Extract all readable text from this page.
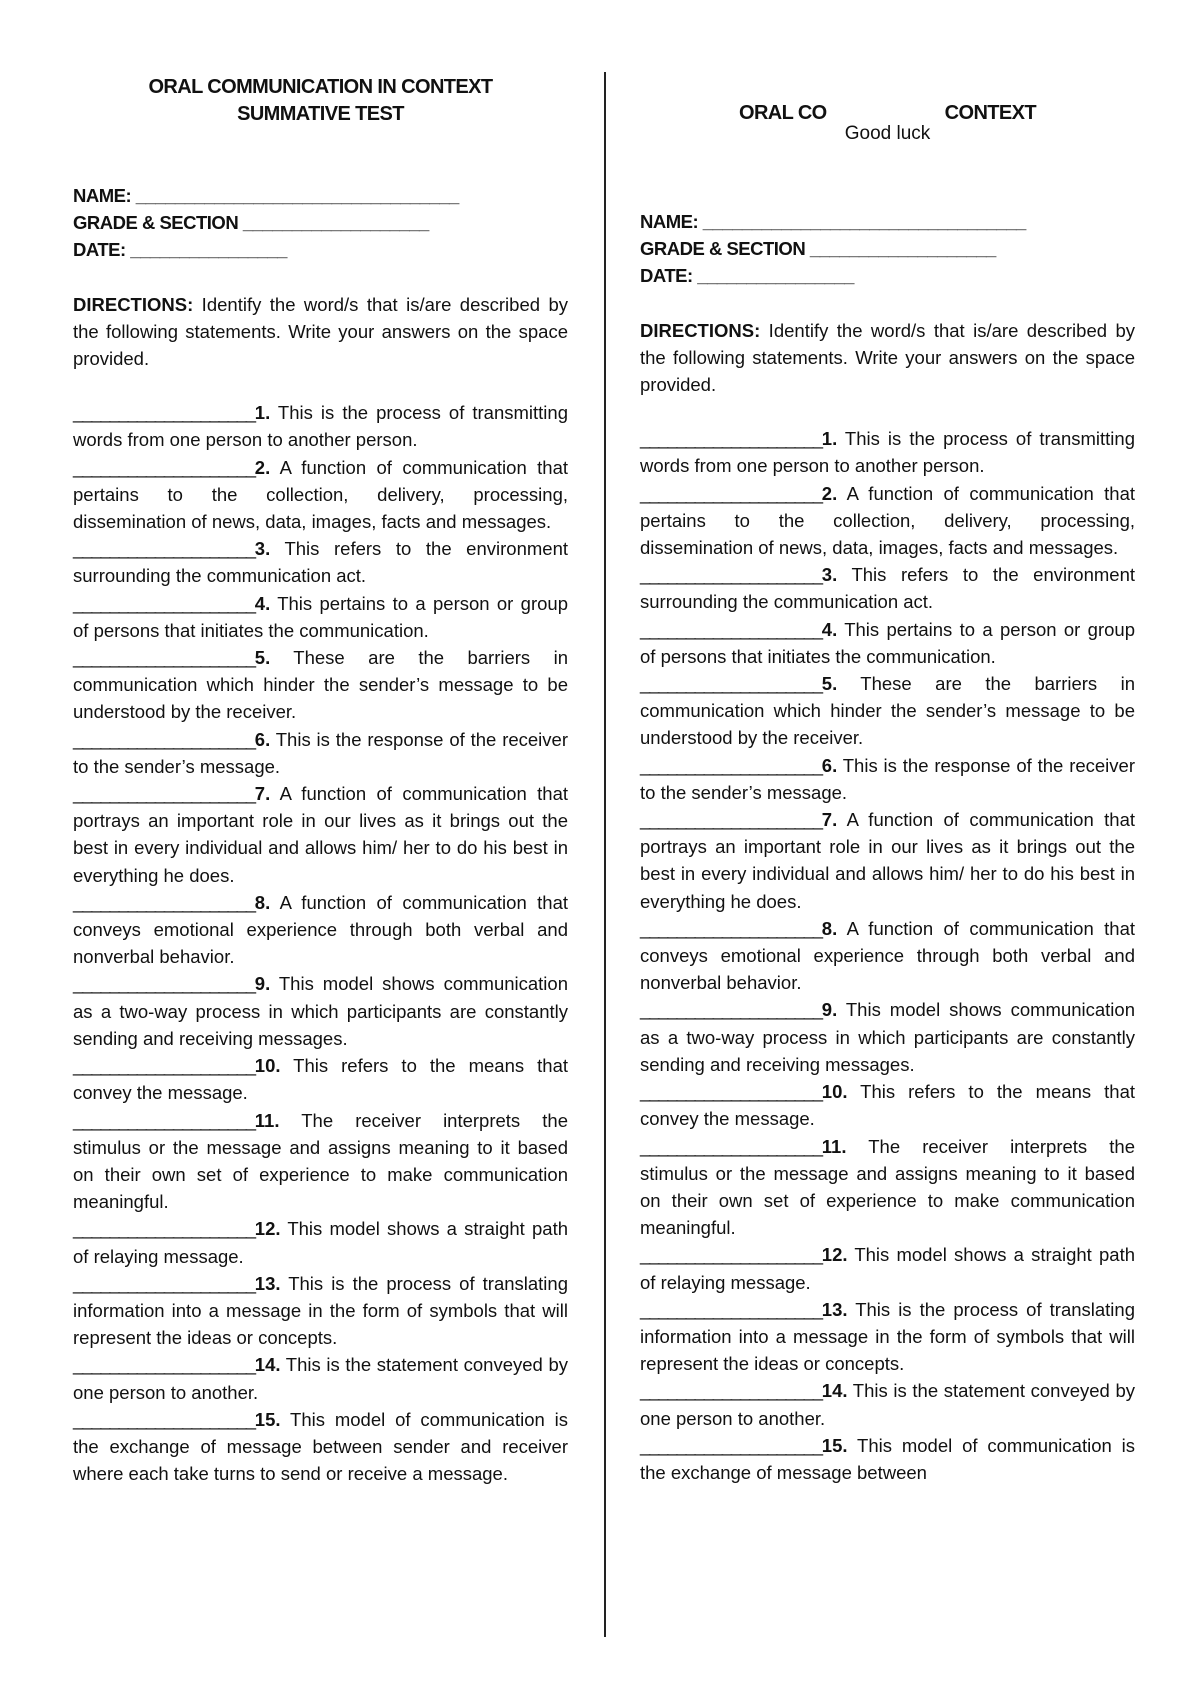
ORAL COMMUNICATION IN CONTEXT
SUMMATIVE TEST

NAME: _________________________________

GRADE & SECTION ___________________

DATE: ________________

DIRECTIONS: Identify the word/s that is/are described by the following statements. Write your answers on the space provided.

____________________1. This is the process of transmitting words from one person to another person.

____________________2. A function of communication that pertains to the collection, delivery, processing, dissemination of news, data, images, facts and messages.

____________________3. This refers to the environment surrounding the communication act.

____________________4. This pertains to a person or group of persons that initiates the communication.

____________________5. These are the barriers in communication which hinder the sender’s message to be understood by the receiver.

____________________6. This is the response of the receiver to the sender’s message.

____________________7. A function of communication that portrays an important role in our lives as it brings out the best in every individual and allows him/ her to do his best in everything he does.

____________________8. A function of communication that conveys emotional experience through both verbal and nonverbal behavior.

____________________9. This model shows communication as a two-way process in which participants are constantly sending and receiving messages.

____________________10. This refers to the means that convey the message.

____________________11. The receiver interprets the stimulus or the message and assigns meaning to it based on their own set of experience to make communication meaningful.

____________________12. This model shows a straight path of relaying message.

____________________13. This is the process of translating information into a message in the form of symbols that will represent the ideas or concepts.

____________________14. This is the statement conveyed by one person to another.

____________________15. This model of communication is the exchange of message between sender and receiver where each take turns to send or receive a message.

ORAL CO	CONTEXT
Good luck

NAME: _________________________________

GRADE & SECTION ___________________

DATE: ________________

DIRECTIONS: Identify the word/s that is/are described by the following statements. Write your answers on the space provided.

____________________1. This is the process of transmitting words from one person to another person.

____________________2. A function of communication that pertains to the collection, delivery, processing, dissemination of news, data, images, facts and messages.

____________________3. This refers to the environment surrounding the communication act.

____________________4. This pertains to a person or group of persons that initiates the communication.

____________________5. These are the barriers in communication which hinder the sender’s message to be understood by the receiver.

____________________6. This is the response of the receiver to the sender’s message.

____________________7. A function of communication that portrays an important role in our lives as it brings out the best in every individual and allows him/ her to do his best in everything he does.

____________________8. A function of communication that conveys emotional experience through both verbal and nonverbal behavior.

____________________9. This model shows communication as a two-way process in which participants are constantly sending and receiving messages.

____________________10. This refers to the means that convey the message.

____________________11. The receiver interprets the stimulus or the message and assigns meaning to it based on their own set of experience to make communication meaningful.

____________________12. This model shows a straight path of relaying message.

____________________13. This is the process of translating information into a message in the form of symbols that will represent the ideas or concepts.

____________________14. This is the statement conveyed by one person to another.

____________________15. This model of communication is the exchange of message between
